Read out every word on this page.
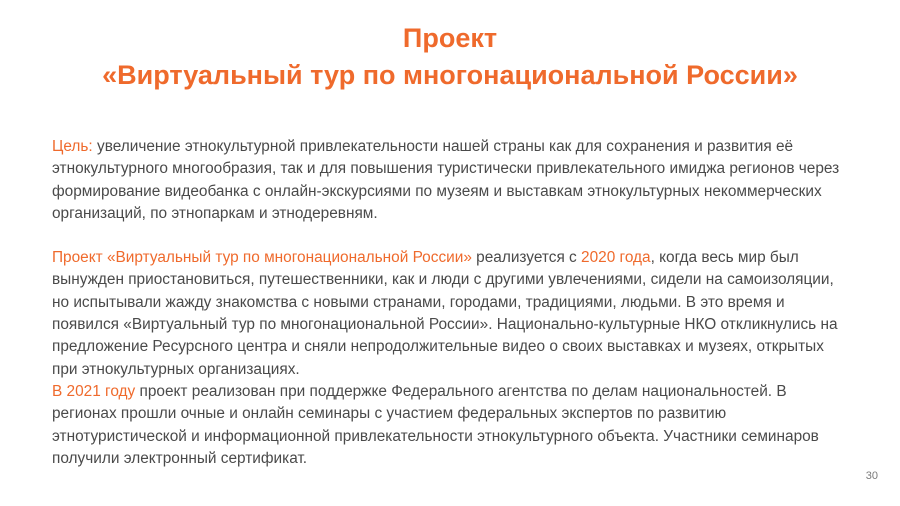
Проект
«Виртуальный тур по многонациональной России»

Цель: увеличение этнокультурной привлекательности нашей страны как для сохранения и развития её этнокультурного многообразия, так и для повышения туристически привлекательного имиджа регионов через формирование видеобанка с онлайн-экскурсиями по музеям и выставкам этнокультурных некоммерческих организаций, по этнопаркам и этнодеревням.

Проект «Виртуальный тур по многонациональной России» реализуется с 2020 года, когда весь мир был вынужден приостановиться, путешественники, как и люди с другими увлечениями, сидели на самоизоляции, но испытывали жажду знакомства с новыми странами, городами, традициями, людьми. В это время и появился «Виртуальный тур по многонациональной России». Национально-культурные НКО откликнулись на предложение Ресурсного центра и сняли непродолжительные видео о своих выставках и музеях, открытых при этнокультурных организациях.

В 2021 году проект реализован при поддержке Федерального агентства по делам национальностей. В регионах прошли очные и онлайн семинары с участием федеральных экспертов по развитию этнотуристической и информационной привлекательности этнокультурного объекта. Участники семинаров получили электронный сертификат.

30
